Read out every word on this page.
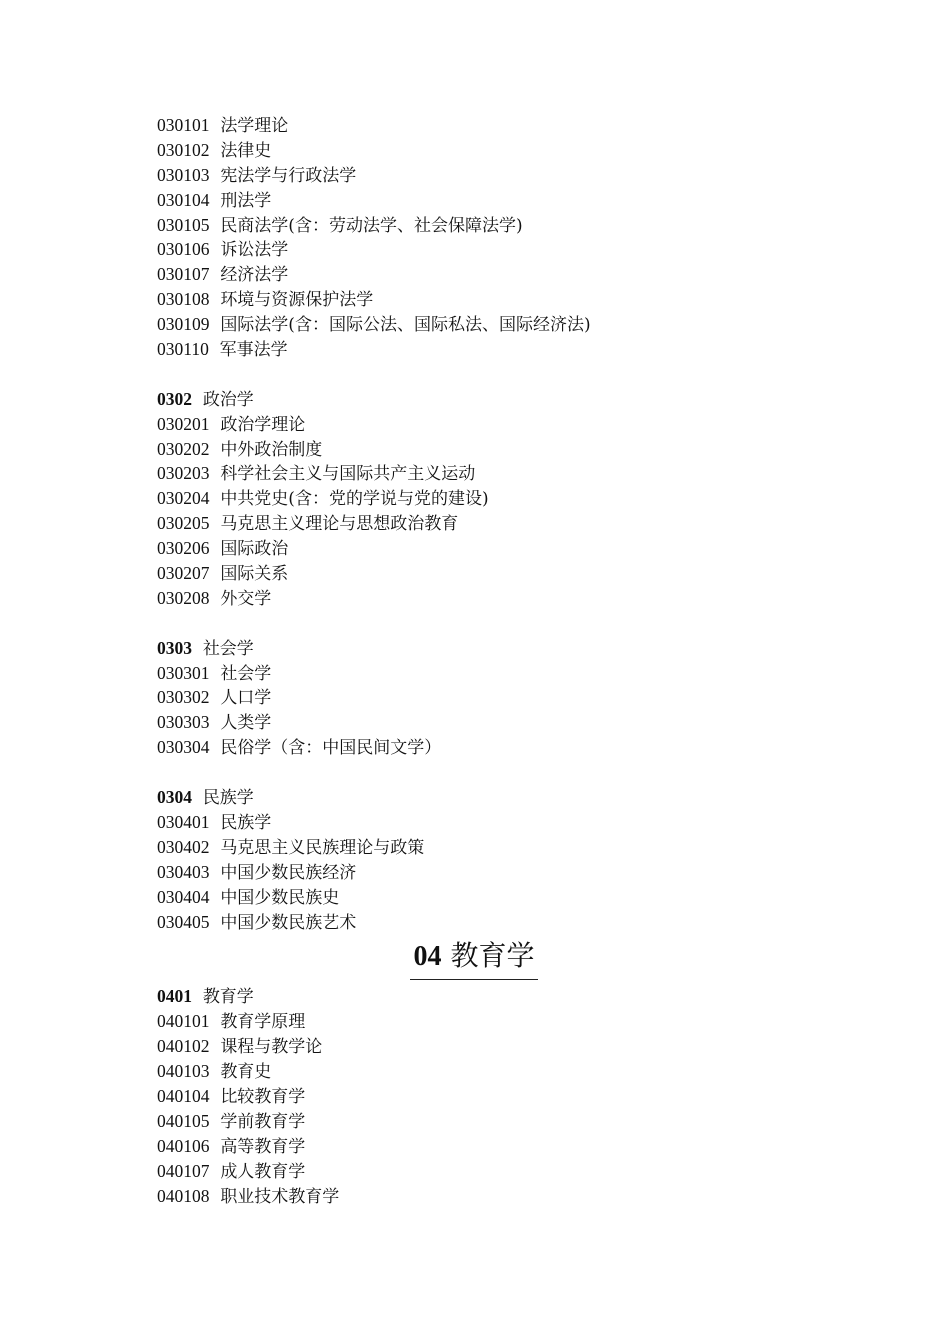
030101 法学理论
030102 法律史
030103 宪法学与行政法学
030104 刑法学
030105 民商法学(含：劳动法学、社会保障法学)
030106 诉讼法学
030107 经济法学
030108 环境与资源保护法学
030109 国际法学(含：国际公法、国际私法、国际经济法)
030110 军事法学
0302 政治学
030201 政治学理论
030202 中外政治制度
030203 科学社会主义与国际共产主义运动
030204 中共党史(含：党的学说与党的建设)
030205 马克思主义理论与思想政治教育
030206 国际政治
030207 国际关系
030208 外交学
0303 社会学
030301 社会学
030302 人口学
030303 人类学
030304 民俗学（含：中国民间文学）
0304 民族学
030401 民族学
030402 马克思主义民族理论与政策
030403 中国少数民族经济
030404 中国少数民族史
030405 中国少数民族艺术
04 教育学
0401 教育学
040101 教育学原理
040102 课程与教学论
040103 教育史
040104 比较教育学
040105 学前教育学
040106 高等教育学
040107 成人教育学
040108 职业技术教育学
